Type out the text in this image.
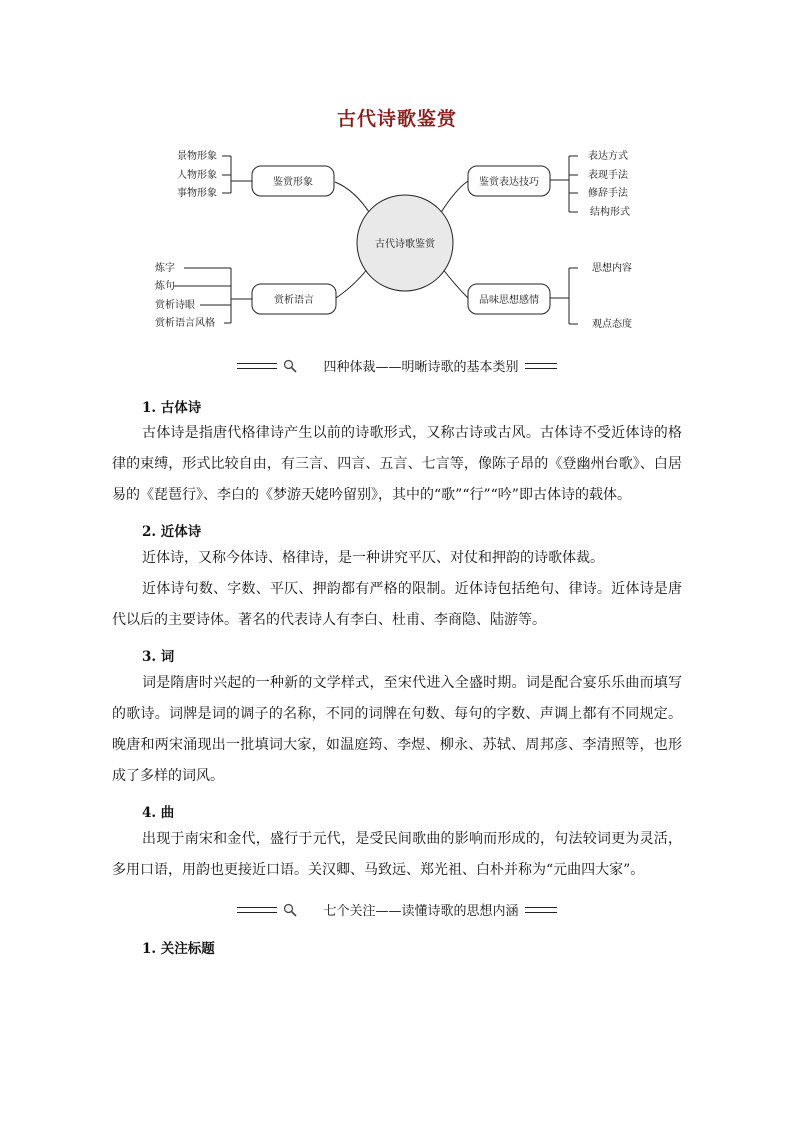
古代诗歌鉴赏
古代诗歌鉴赏
鉴赏形象
赏析语言
鉴赏表达技巧
品味思想感情
景物形象
人物形象
事物形象
炼字
炼句
赏析诗眼
赏析语言风格
表达方式
表现手法
修辞手法
结构形式
思想内容
观点态度
四种体裁——明晰诗歌的基本类别
1. 古体诗

古体诗是指唐代格律诗产生以前的诗歌形式，又称古诗或古风。古体诗不受近体诗的格律的束缚，形式比较自由，有三言、四言、五言、七言等，像陈子昂的《登幽州台歌》、白居易的《琵琶行》、李白的《梦游天姥吟留别》，其中的“歌”“行”“吟”即古体诗的载体。

2. 近体诗

近体诗，又称今体诗、格律诗，是一种讲究平仄、对仗和押韵的诗歌体裁。

近体诗句数、字数、平仄、押韵都有严格的限制。近体诗包括绝句、律诗。近体诗是唐代以后的主要诗体。著名的代表诗人有李白、杜甫、李商隐、陆游等。

3. 词

词是隋唐时兴起的一种新的文学样式，至宋代进入全盛时期。词是配合宴乐乐曲而填写的歌诗。词牌是词的调子的名称，不同的词牌在句数、每句的字数、声调上都有不同规定。晚唐和两宋涌现出一批填词大家，如温庭筠、李煜、柳永、苏轼、周邦彦、李清照等，也形成了多样的词风。

4. 曲

出现于南宋和金代，盛行于元代，是受民间歌曲的影响而形成的，句法较词更为灵活，多用口语，用韵也更接近口语。关汉卿、马致远、郑光祖、白朴并称为“元曲四大家”。

七个关注——读懂诗歌的思想内涵
1. 关注标题
